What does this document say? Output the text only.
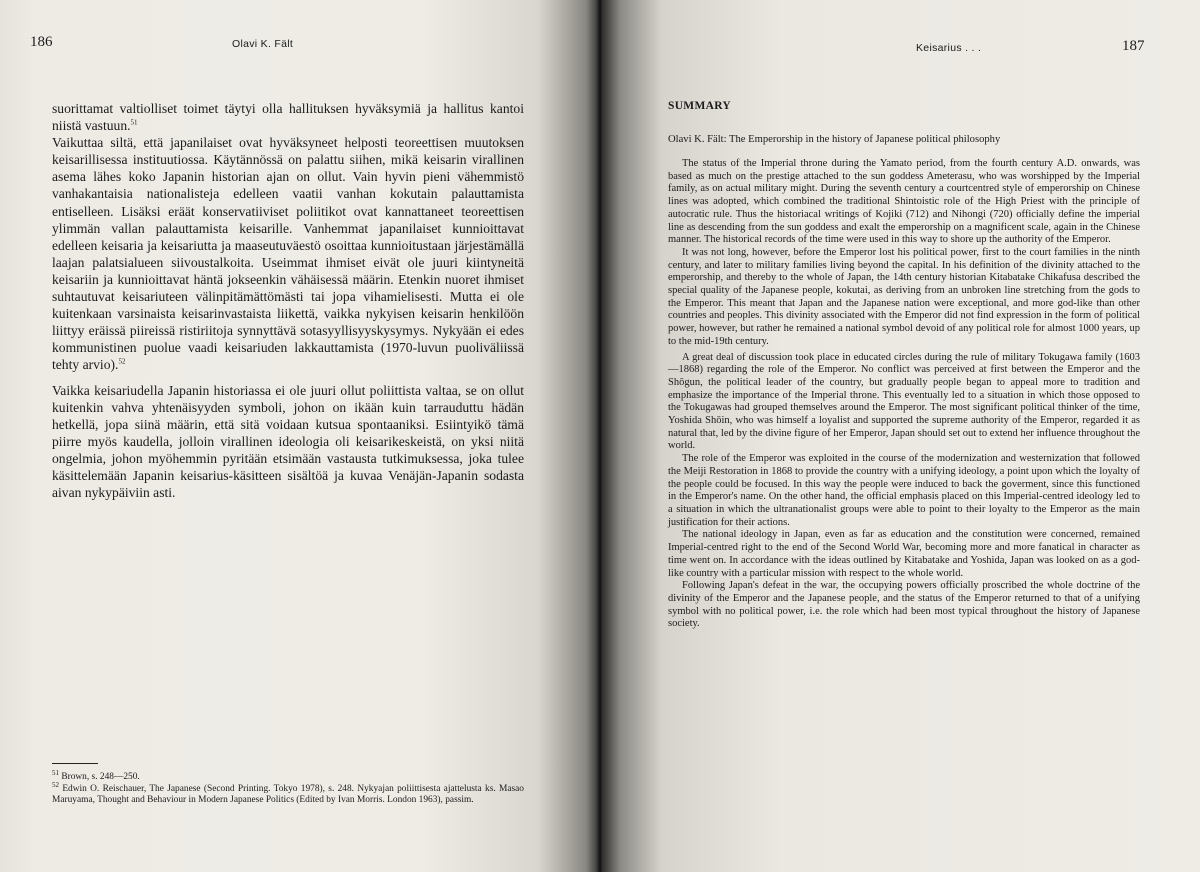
186	Olavi K. Fält

suorittamat valtiolliset toimet täytyi olla hallituksen hyväksymiä ja hallitus kantoi niistä vastuun.$^{51}$

Vaikuttaa siltä, että japanilaiset ovat hyväksyneet helposti teoreettisen muutoksen keisarillisessa instituutiossa. Käytännössä on palattu siihen, mikä keisarin virallinen asema lähes koko Japanin historian ajan on ollut. Vain hyvin pieni vähemmistö vanhakantaisia nationalisteja edelleen vaatii vanhan kokutain palauttamista entiselleen. Lisäksi eräät konservatiiviset poliitikot ovat kannattaneet teoreettisen ylimmän vallan palauttamista keisarille. Vanhemmat japanilaiset kunnioittavat edelleen keisaria ja keisariutta ja maaseutuväestö osoittaa kunnioitustaan järjestämällä laajan palatsialueen siivoustalkoita. Useimmat ihmiset eivät ole juuri kiintyneitä keisariin ja kunnioittavat häntä jokseenkin vähäisessä määrin. Etenkin nuoret ihmiset suhtautuvat keisariuteen välinpitämättömästi tai jopa vihamielisesti. Mutta ei ole kuitenkaan varsinaista keisarinvastaista liikettä, vaikka nykyisen keisarin henkilöön liittyy eräissä piireissä ristiriitoja synnyttävä sotasyyllisyyskysymys. Nykyään ei edes kommunistinen puolue vaadi keisariuden lakkauttamista (1970-luvun puoliväliissä tehty arvio).$^{52}$

Vaikka keisariudella Japanin historiassa ei ole juuri ollut poliittista valtaa, se on ollut kuitenkin vahva yhtenäisyyden symboli, johon on ikään kuin tarrauduttu hädän hetkellä, jopa siinä määrin, että sitä voidaan kutsua spontaaniksi. Esiintyikö tämä piirre myös kaudella, jolloin virallinen ideologia oli keisarikeskeistä, on yksi niitä ongelmia, johon myöhemmin pyritään etsimään vastausta tutkimuksessa, joka tulee käsittelemään Japanin keisarius-käsitteen sisältöä ja kuvaa Venäjän-Japanin sodasta aivan nykypäiviin asti.

$^{51}$ Brown, s. 248—250.

$^{52}$ Edwin O. Reischauer, The Japanese (Second Printing. Tokyo 1978), s. 248. Nykyajan poliittisesta ajattelusta ks. Masao Maruyama, Thought and Behaviour in Modern Japanese Politics (Edited by Ivan Morris. London 1963), passim.

Keisarius . . .	187
SUMMARY
Olavi K. Fält: The Emperorship in the history of Japanese political philosophy

The status of the Imperial throne during the Yamato period, from the fourth century A.D. onwards, was based as much on the prestige attached to the sun goddess Ameterasu, who was worshipped by the Imperial family, as on actual military might. During the seventh century a courtcentred style of emperorship on Chinese lines was adopted, which combined the traditional Shintoistic role of the High Priest with the principle of autocratic rule. Thus the historiacal writings of Kojiki (712) and Nihongi (720) officially define the imperial line as descending from the sun goddess and exalt the emperorship on a magnificent scale, again in the Chinese manner. The historical records of the time were used in this way to shore up the authority of the Emperor.

It was not long, however, before the Emperor lost his political power, first to the court families in the ninth century, and later to military families living beyond the capital. In his definition of the divinity attached to the emperorship, and thereby to the whole of Japan, the 14th century historian Kitabatake Chikafusa described the special quality of the Japanese people, kokutai, as deriving from an unbroken line stretching from the gods to the Emperor. This meant that Japan and the Japanese nation were exceptional, and more god-like than other countries and peoples. This divinity associated with the Emperor did not find expression in the form of political power, however, but rather he remained a national symbol devoid of any political role for almost 1000 years, up to the mid-19th century.

A great deal of discussion took place in educated circles during the rule of military Tokugawa family (1603—1868) regarding the role of the Emperor. No conflict was perceived at first between the Emperor and the Shōgun, the political leader of the country, but gradually people began to appeal more to tradition and emphasize the importance of the Imperial throne. This eventually led to a situation in which those opposed to the Tokugawas had grouped themselves around the Emperor. The most significant political thinker of the time, Yoshida Shōin, who was himself a loyalist and supported the supreme authority of the Emperor, regarded it as natural that, led by the divine figure of her Emperor, Japan should set out to extend her influence throughout the world.

The role of the Emperor was exploited in the course of the modernization and westernization that followed the Meiji Restoration in 1868 to provide the country with a unifying ideology, a point upon which the loyalty of the people could be focused. In this way the people were induced to back the goverment, since this functioned in the Emperor's name. On the other hand, the official emphasis placed on this Imperial-centred ideology led to a situation in which the ultranationalist groups were able to point to their loyalty to the Emperor as the main justification for their actions.

The national ideology in Japan, even as far as education and the constitution were concerned, remained Imperial-centred right to the end of the Second World War, becoming more and more fanatical in character as time went on. In accordance with the ideas outlined by Kitabatake and Yoshida, Japan was looked on as a god-like country with a particular mission with respect to the whole world.

Following Japan's defeat in the war, the occupying powers officially proscribed the whole doctrine of the divinity of the Emperor and the Japanese people, and the status of the Emperor returned to that of a unifying symbol with no political power, i.e. the role which had been most typical throughout the history of Japanese society.
